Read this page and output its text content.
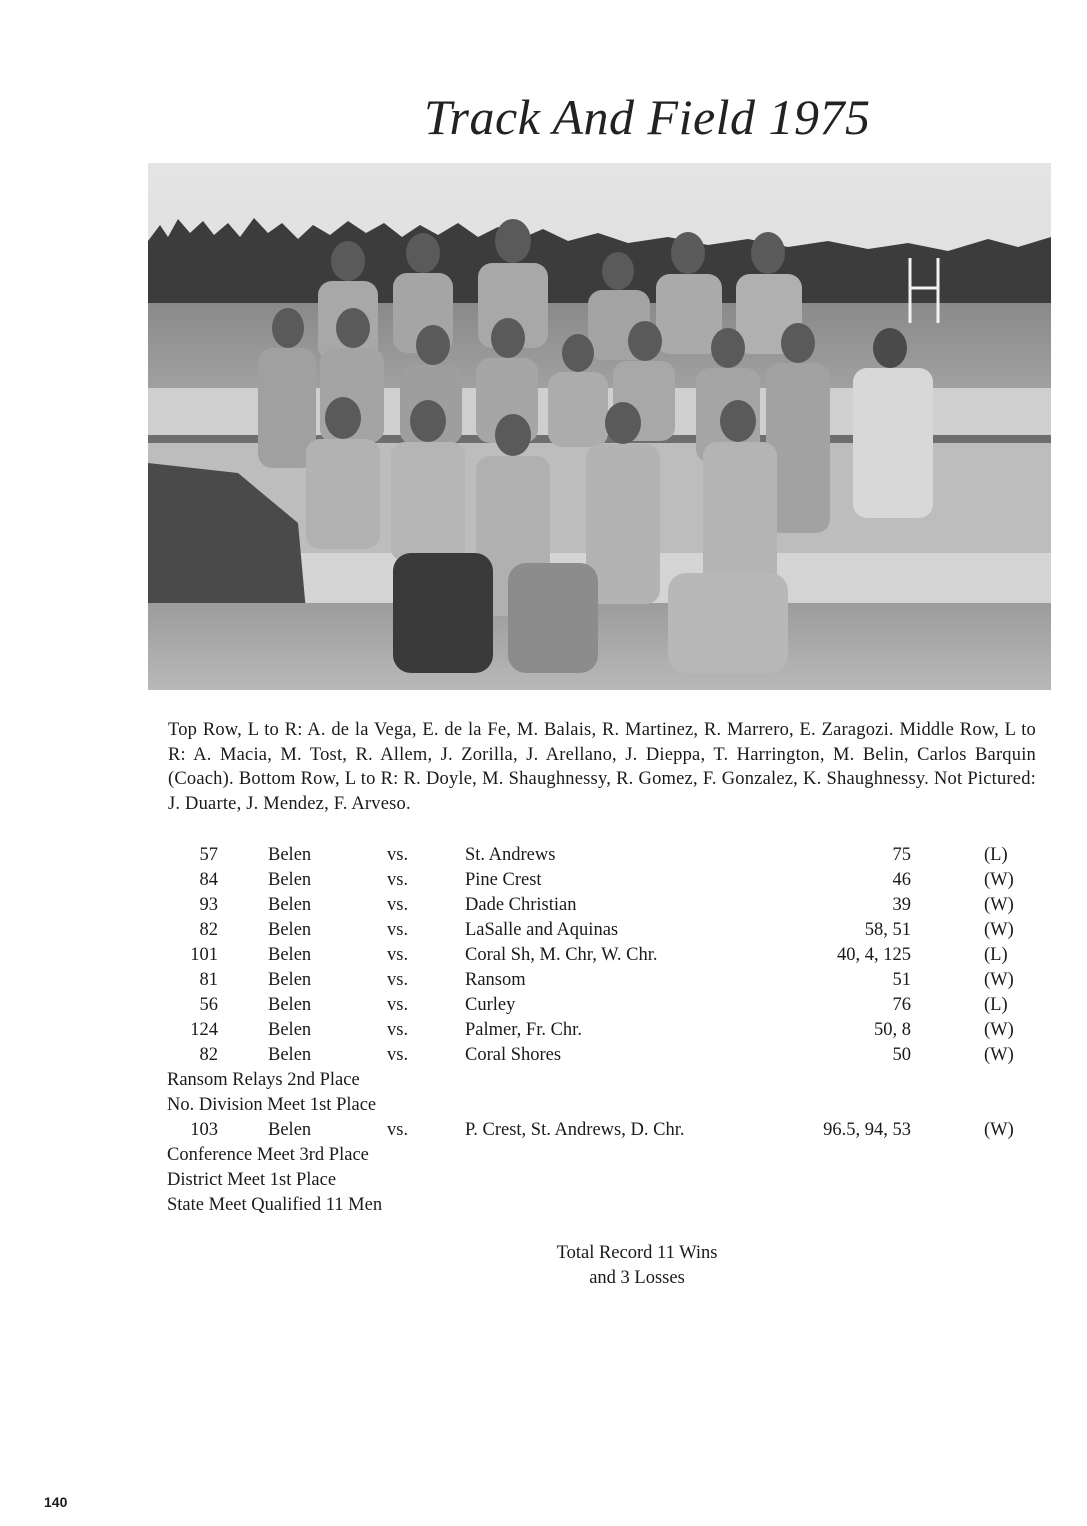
Track And Field 1975
Top Row, L to R: A. de la Vega, E. de la Fe, M. Balais, R. Martinez, R. Marrero, E. Zaragozi. Middle Row, L to R: A. Macia, M. Tost, R. Allem, J. Zorilla, J. Arellano, J. Dieppa, T. Harrington, M. Belin, Carlos Barquin (Coach). Bottom Row, L to R: R. Doyle, M. Shaughnessy, R. Gomez, F. Gonzalez, K. Shaughnessy. Not Pictured: J. Duarte, J. Mendez, F. Arveso.
57	Belen	vs.	St. Andrews	75	(L)
84	Belen	vs.	Pine Crest	46	(W)
93	Belen	vs.	Dade Christian	39	(W)
82	Belen	vs.	LaSalle and Aquinas	58, 51	(W)
101	Belen	vs.	Coral Sh, M. Chr, W. Chr.	40, 4, 125	(L)
81	Belen	vs.	Ransom	51	(W)
56	Belen	vs.	Curley	76	(L)
124	Belen	vs.	Palmer, Fr. Chr.	50, 8	(W)
82	Belen	vs.	Coral Shores	50	(W)
Ransom Relays 2nd Place
No. Division Meet 1st Place
103	Belen	vs.	P. Crest, St. Andrews, D. Chr.	96.5, 94, 53	(W)
Conference Meet 3rd Place
District Meet 1st Place
State Meet Qualified 11 Men
Total Record 11 Wins
and 3 Losses
140
